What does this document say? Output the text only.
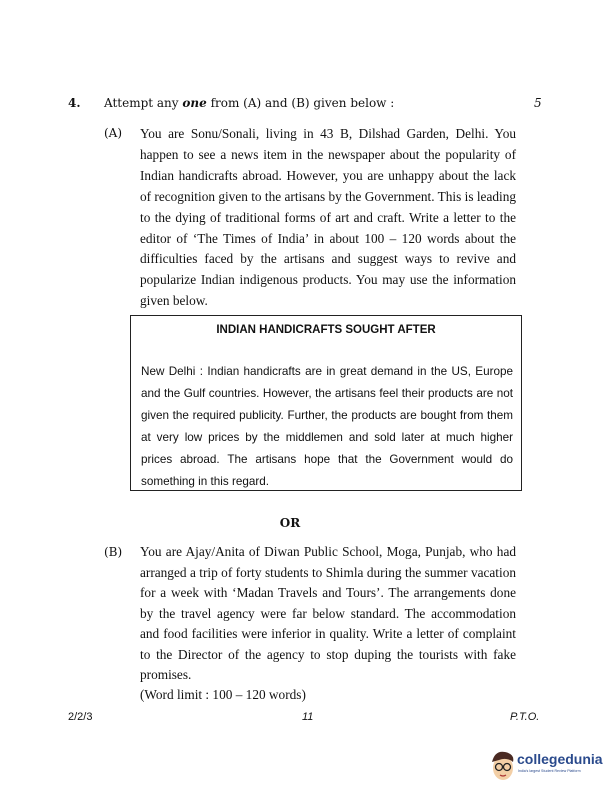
4. Attempt any one from (A) and (B) given below :	5
(A) You are Sonu/Sonali, living in 43 B, Dilshad Garden, Delhi. You happen to see a news item in the newspaper about the popularity of Indian handicrafts abroad. However, you are unhappy about the lack of recognition given to the artisans by the Government. This is leading to the dying of traditional forms of art and craft. Write a letter to the editor of ‘The Times of India’ in about 100 – 120 words about the difficulties faced by the artisans and suggest ways to revive and popularize Indian indigenous products. You may use the information given below.
INDIAN HANDICRAFTS SOUGHT AFTER
New Delhi : Indian handicrafts are in great demand in the US, Europe and the Gulf countries. However, the artisans feel their products are not given the required publicity. Further, the products are bought from them at very low prices by the middlemen and sold later at much higher prices abroad. The artisans hope that the Government would do something in this regard.
OR
(B) You are Ajay/Anita of Diwan Public School, Moga, Punjab, who had arranged a trip of forty students to Shimla during the summer vacation for a week with ‘Madan Travels and Tours’. The arrangements done by the travel agency were far below standard. The accommodation and food facilities were inferior in quality. Write a letter of complaint to the Director of the agency to stop duping the tourists with fake promises.
(Word limit : 100 – 120 words)
2/2/3	11	P.T.O.
collegedunia
India's largest Student Review Platform
